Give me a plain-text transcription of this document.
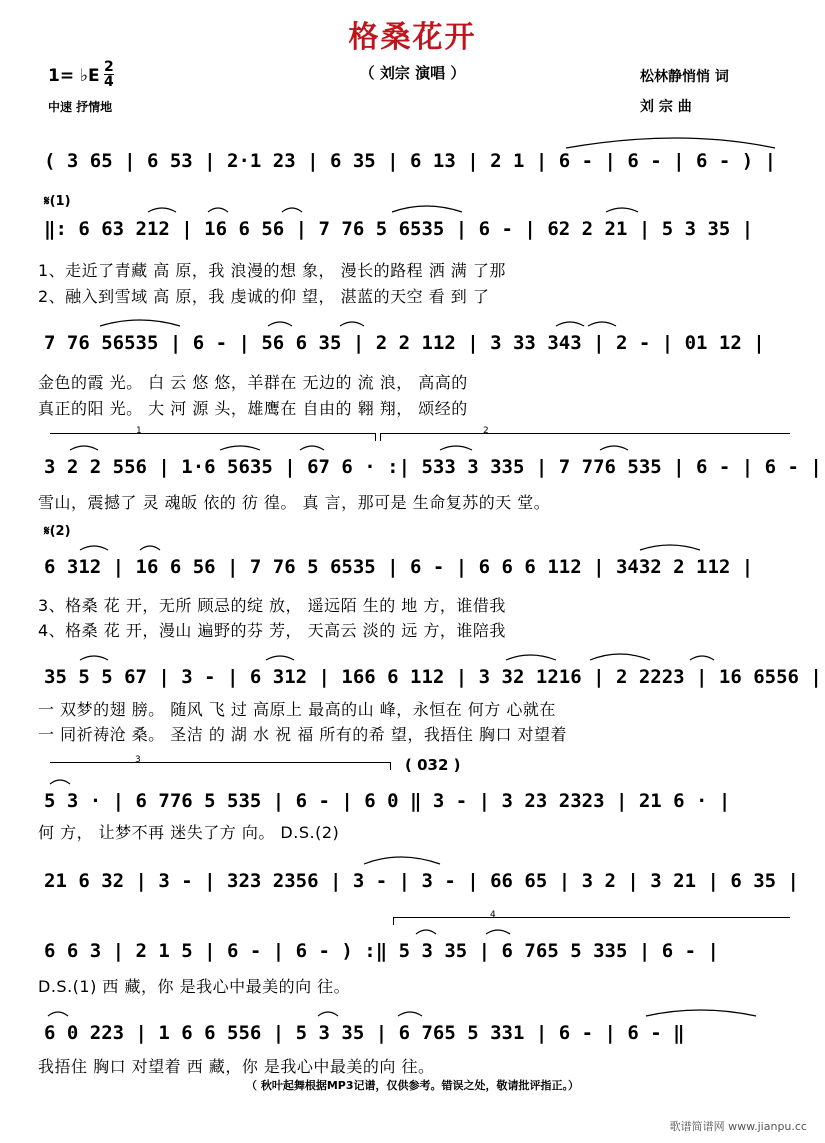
格桑花开
（ 刘宗 演唱 ）
1= ♭E $\frac{2}{4}$
中速 抒情地
松林静悄悄 词
刘 宗 曲
( 3 65 | 6 53 | 2·1 23 | 6 35 | 6 13 | 2 1 | 6 - | 6 - | 6 - ) |
𝄋(1)
‖: 6 63 212 | 16 6 56 | 7 76 5 6535 | 6 - | 62 2 21 | 5 3 35 |
1、走近了青藏 高 原，我 浪漫的想 象， 漫长的路程 洒 满 了那
2、融入到雪域 高 原，我 虔诚的仰 望， 湛蓝的天空 看 到 了
7 76 56535 | 6 - | 56 6 35 | 2 2 112 | 3 33 343 | 2 - | 01 12 |
金色的霞 光。 白 云 悠 悠，羊群在 无边的 流 浪， 高高的
真正的阳 光。 大 河 源 头，雄鹰在 自由的 翱 翔， 颂经的
1	2
3 2 2 556 | 1·6 5635 | 67 6 · :| 533 3 335 | 7 776 535 | 6 - | 6 - |
雪山，震撼了 灵 魂皈 依的 彷 徨。 真 言，那可是 生命复苏的天 堂。
𝄋(2)
6 312 | 16 6 56 | 7 76 5 6535 | 6 - | 6 6 6 112 | 3432 2 112 |
3、格桑 花 开，无所 顾忌的绽 放， 遥远陌 生的 地 方，谁借我
4、格桑 花 开，漫山 遍野的芬 芳， 天高云 淡的 远 方，谁陪我
35 5 5 67 | 3 - | 6 312 | 166 6 112 | 3 32 1216 | 2 2223 | 16 6556 |
一 双梦的翅 膀。 随风 飞 过 高原上 最高的山 峰，永恒在 何方 心就在
一 同祈祷沧 桑。 圣洁 的 湖 水 祝 福 所有的希 望，我捂住 胸口 对望着
3	( 032 )
5 3 · | 6 776 5 535 | 6 - | 6 0 ‖ 3 - | 3 23 2323 | 21 6 · |
何 方， 让梦不再 迷失了方 向。 D.S.(2)
21 6 32 | 3 - | 323 2356 | 3 - | 3 - | 66 65 | 3 2 | 3 21 | 6 35 |
4
6 6 3 | 2 1 5 | 6 - | 6 - ) :‖ 5 3 35 | 6 765 5 335 | 6 - |
D.S.(1) 西 藏，你 是我心中最美的向 往。
6 0 223 | 1 6 6 556 | 5 3 35 | 6 765 5 331 | 6 - | 6 - ‖
我捂住 胸口 对望着 西 藏，你 是我心中最美的向 往。
（ 秋叶起舞根据MP3记谱，仅供参考。错误之处，敬请批评指正。）
歌谱简谱网 www.jianpu.cc
